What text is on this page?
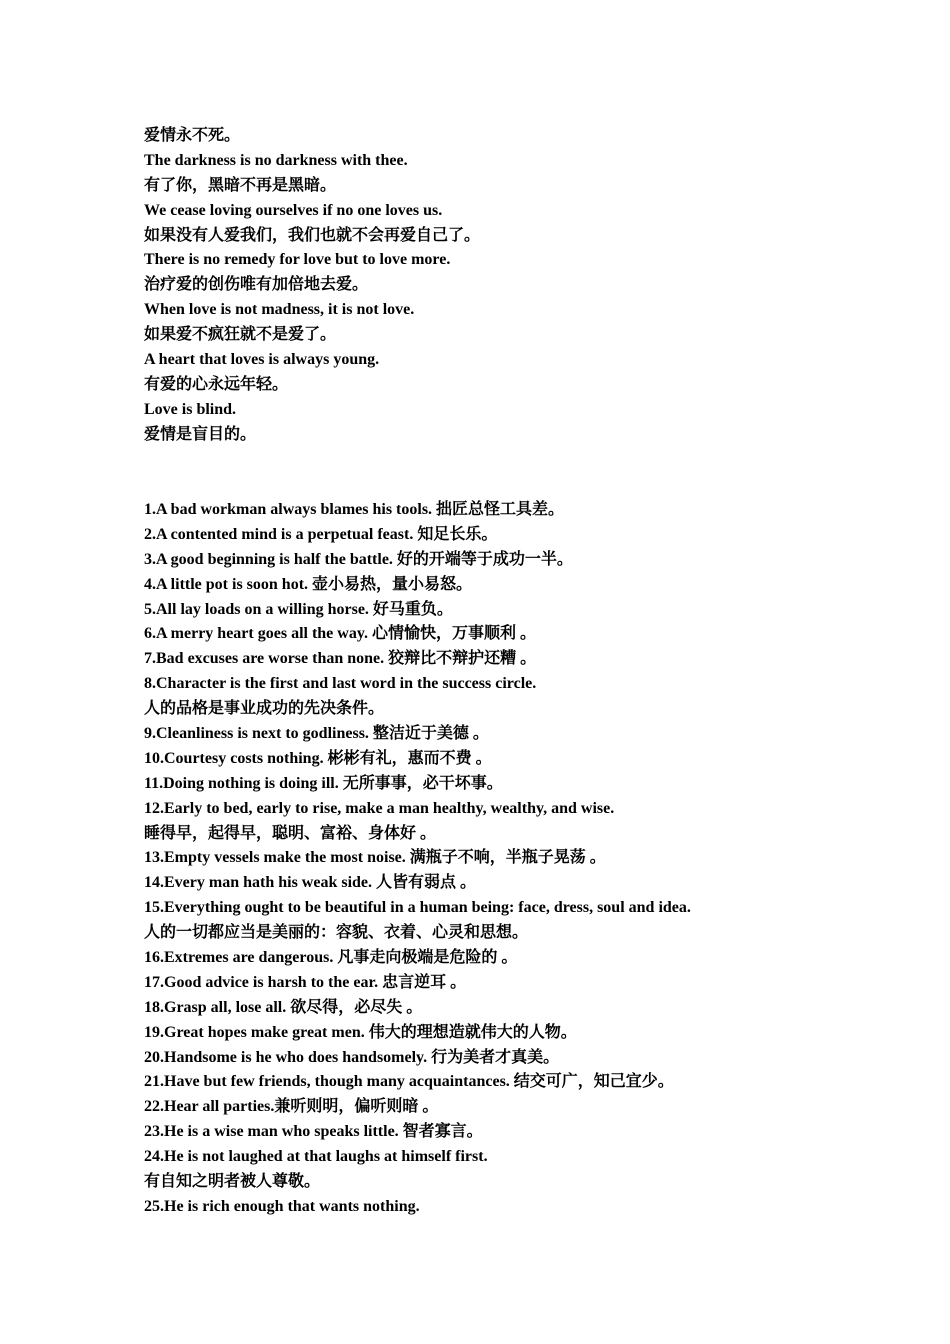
爱情永不死。
The darkness is no darkness with thee.
有了你，黑暗不再是黑暗。
We cease loving ourselves if no one loves us.
如果没有人爱我们，我们也就不会再爱自己了。
There is no remedy for love but to love more.
治疗爱的创伤唯有加倍地去爱。
When love is not madness, it is not love.
如果爱不疯狂就不是爱了。
A heart that loves is always young.
有爱的心永远年轻。
Love is blind.
爱情是盲目的。
1.A bad workman always blames his tools. 拙匠总怪工具差。
2.A contented mind is a perpetual feast. 知足长乐。
3.A good beginning is half the battle. 好的开端等于成功一半。
4.A little pot is soon hot. 壶小易热，量小易怒。
5.All lay loads on a willing horse. 好马重负。
6.A merry heart goes all the way. 心情愉快，万事顺利 。
7.Bad excuses are worse than none. 狡辩比不辩护还糟 。
8.Character is the first and last word in the success circle.
人的品格是事业成功的先决条件。
9.Cleanliness is next to godliness. 整洁近于美德 。
10.Courtesy costs nothing. 彬彬有礼，惠而不费 。
11.Doing nothing is doing ill. 无所事事，必干坏事。
12.Early to bed, early to rise, make a man healthy, wealthy, and wise.
睡得早，起得早，聪明、富裕、身体好 。
13.Empty vessels make the most noise. 满瓶子不响，半瓶子晃荡 。
14.Every man hath his weak side. 人皆有弱点 。
15.Everything ought to be beautiful in a human being: face, dress, soul and idea.
人的一切都应当是美丽的：容貌、衣着、心灵和思想。
16.Extremes are dangerous. 凡事走向极端是危险的 。
17.Good advice is harsh to the ear. 忠言逆耳 。
18.Grasp all, lose all. 欲尽得，必尽失 。
19.Great hopes make great men. 伟大的理想造就伟大的人物。
20.Handsome is he who does handsomely. 行为美者才真美。
21.Have but few friends, though many acquaintances. 结交可广，知己宜少。
22.Hear all parties.兼听则明，偏听则暗 。
23.He is a wise man who speaks little. 智者寡言。
24.He is not laughed at that laughs at himself first.
有自知之明者被人尊敬。
25.He is rich enough that wants nothing.
